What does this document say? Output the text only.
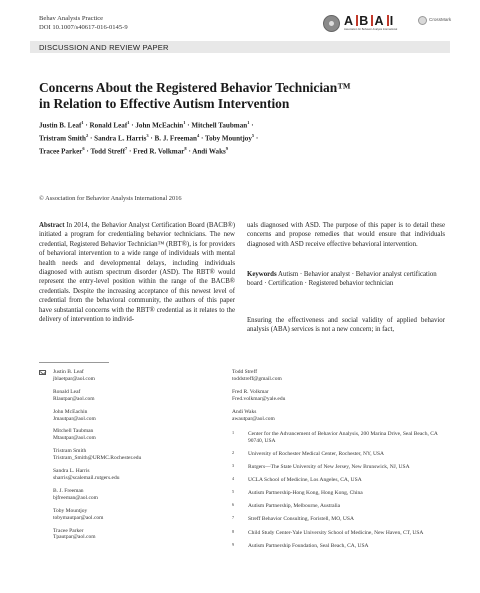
Behav Analysis Practice
DOI 10.1007/s40617-016-0145-9	A B A I
Association for Behavior Analysis International
CrossMark
DISCUSSION AND REVIEW PAPER
Concerns About the Registered Behavior Technician™
in Relation to Effective Autism Intervention
Justin B. Leaf$^1$ · Ronald Leaf$^1$ · John McEachin$^1$ · Mitchell Taubman$^1$ ·
Tristram Smith$^2$ · Sandra L. Harris$^3$ · B. J. Freeman$^4$ · Toby Mountjoy$^5$ ·
Tracee Parker$^6$ · Todd Streff$^7$ · Fred R. Volkmar$^8$ · Andi Waks$^9$
© Association for Behavior Analysis International 2016
Abstract In 2014, the Behavior Analyst Certification Board (BACB®) initiated a program for credentialing behavior technicians. The new credential, Registered Behavior Technician™ (RBT®), is for providers of behavioral intervention to a wide range of individuals with mental health needs and developmental delays, including individuals diagnosed with autism spectrum disorder (ASD). The RBT® would represent the entry-level position within the range of the BACB® credentials. Despite the increasing acceptance of this newest level of credential from the behavioral community, the authors of this paper have substantial concerns with the RBT® credential as it relates to the delivery of intervention to individ-
uals diagnosed with ASD. The purpose of this paper is to detail these concerns and propose remedies that would ensure that individuals diagnosed with ASD receive effective behavioral intervention.
Keywords Autism · Behavior analyst · Behavior analyst certification board · Certification · Registered behavior technician
Ensuring the effectiveness and social validity of applied behavior analysis (ABA) services is not a new concern; in fact,
Justin B. Leaf
jblaetpar@aol.com
Ronald Leaf
Rlautpar@aol.com
John McEachin
Jmautpar@aol.com
Mitchell Taubman
Mtautpar@aol.com
Tristram Smith
Tristram_Smith@URMC.Rochester.edu
Sandra L. Harris
sharris@scalemail.rutgers.edu
B. J. Freeman
bjfreeman@aol.com
Toby Mountjoy
tobymautpar@aol.com
Tracee Parker
Tpautpar@aol.com
Todd Streff
toddstreff@gmail.com
Fred R. Volkmar
Fred.volkmar@yale.edu
Andi Waks
awautpar@aol.com
1	Center for the Advancement of Behavior Analysis, 200 Marina Drive, Seal Beach, CA 90740, USA
2	University of Rochester Medical Center, Rochester, NY, USA
3	Rutgers—The State University of New Jersey, New Brunswick, NJ, USA
4	UCLA School of Medicine, Los Angeles, CA, USA
5	Autism Partnership-Hong Kong, Hong Kong, China
6	Autism Partnership, Melbourne, Australia
7	Streff Behavior Consulting, Foristell, MO, USA
8	Child Study Center-Yale University School of Medicine, New Haven, CT, USA
9	Autism Partnership Foundation, Seal Beach, CA, USA
